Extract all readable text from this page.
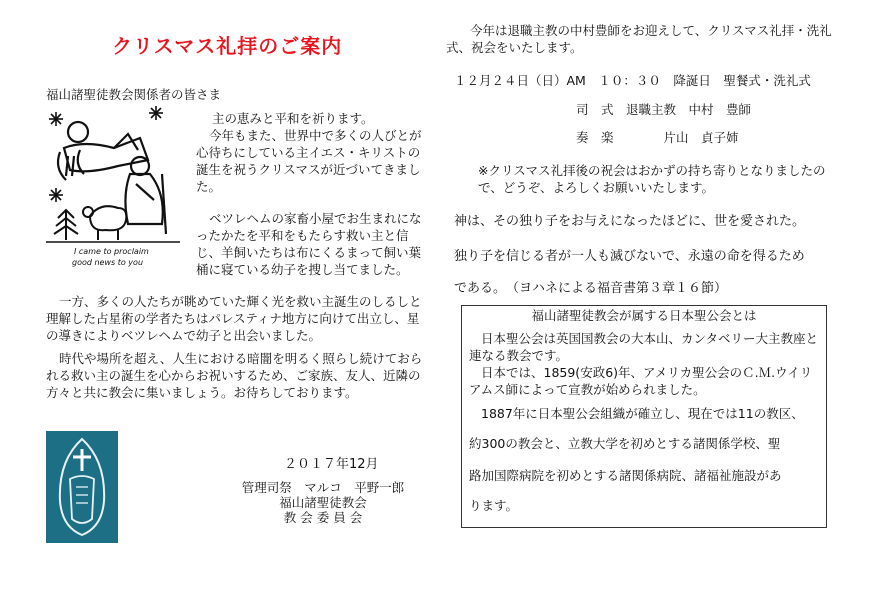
クリスマス礼拝のご案内
福山諸聖徒教会関係者の皆さま
I came to proclaim
good news to you
主の恵みと平和を祈ります。
今年もまた、世界中で多くの人びとが心待ちにしている主イエス・キリストの誕生を祝うクリスマスが近づいてきました。
ベツレヘムの家畜小屋でお生まれになったかたを平和をもたらす救い主と信じ、羊飼いたちは布にくるまって飼い葉桶に寝ている幼子を捜し当てました。
一方、多くの人たちが眺めていた輝く光を救い主誕生のしるしと理解した占星術の学者たちはパレスティナ地方に向けて出立し、星の導きによりベツレヘムで幼子と出会いました。
時代や場所を超え、人生における暗闇を明るく照らし続けておられる救い主の誕生を心からお祝いするため、ご家族、友人、近隣の方々と共に教会に集いましょう。お待ちしております。
２０１７年12月
管理司祭　マルコ　平野一郎
福山諸聖徒教会
教 会 委 員 会
今年は退職主教の中村豊師をお迎えして、クリスマス礼拝・洗礼式、祝会をいたします。
１２月２４日（日）AM　１０：３０　降誕日　聖餐式・洗礼式
司　式　退職主教　中村　豊師
奏　楽　　　　片山　貞子姉
※クリスマス礼拝後の祝会はおかずの持ち寄りとなりましたので、どうぞ、よろしくお願いいたします。
神は、その独り子をお与えになったほどに、世を愛された。
独り子を信じる者が一人も滅びないで、永遠の命を得るため
である。　（ヨハネによる福音書第３章１６節）
福山諸聖徒教会が属する日本聖公会とは
日本聖公会は英国国教会の大本山、カンタベリー大主教座と連なる教会です。
日本では、1859(安政6)年、アメリカ聖公会のＣ.Ｍ.ウイリアムス師によって宣教が始められました。
1887年に日本聖公会組織が確立し、現在では11の教区、
約300の教会と、立教大学を初めとする諸関係学校、聖
路加国際病院を初めとする諸関係病院、諸福祉施設があ
ります。
